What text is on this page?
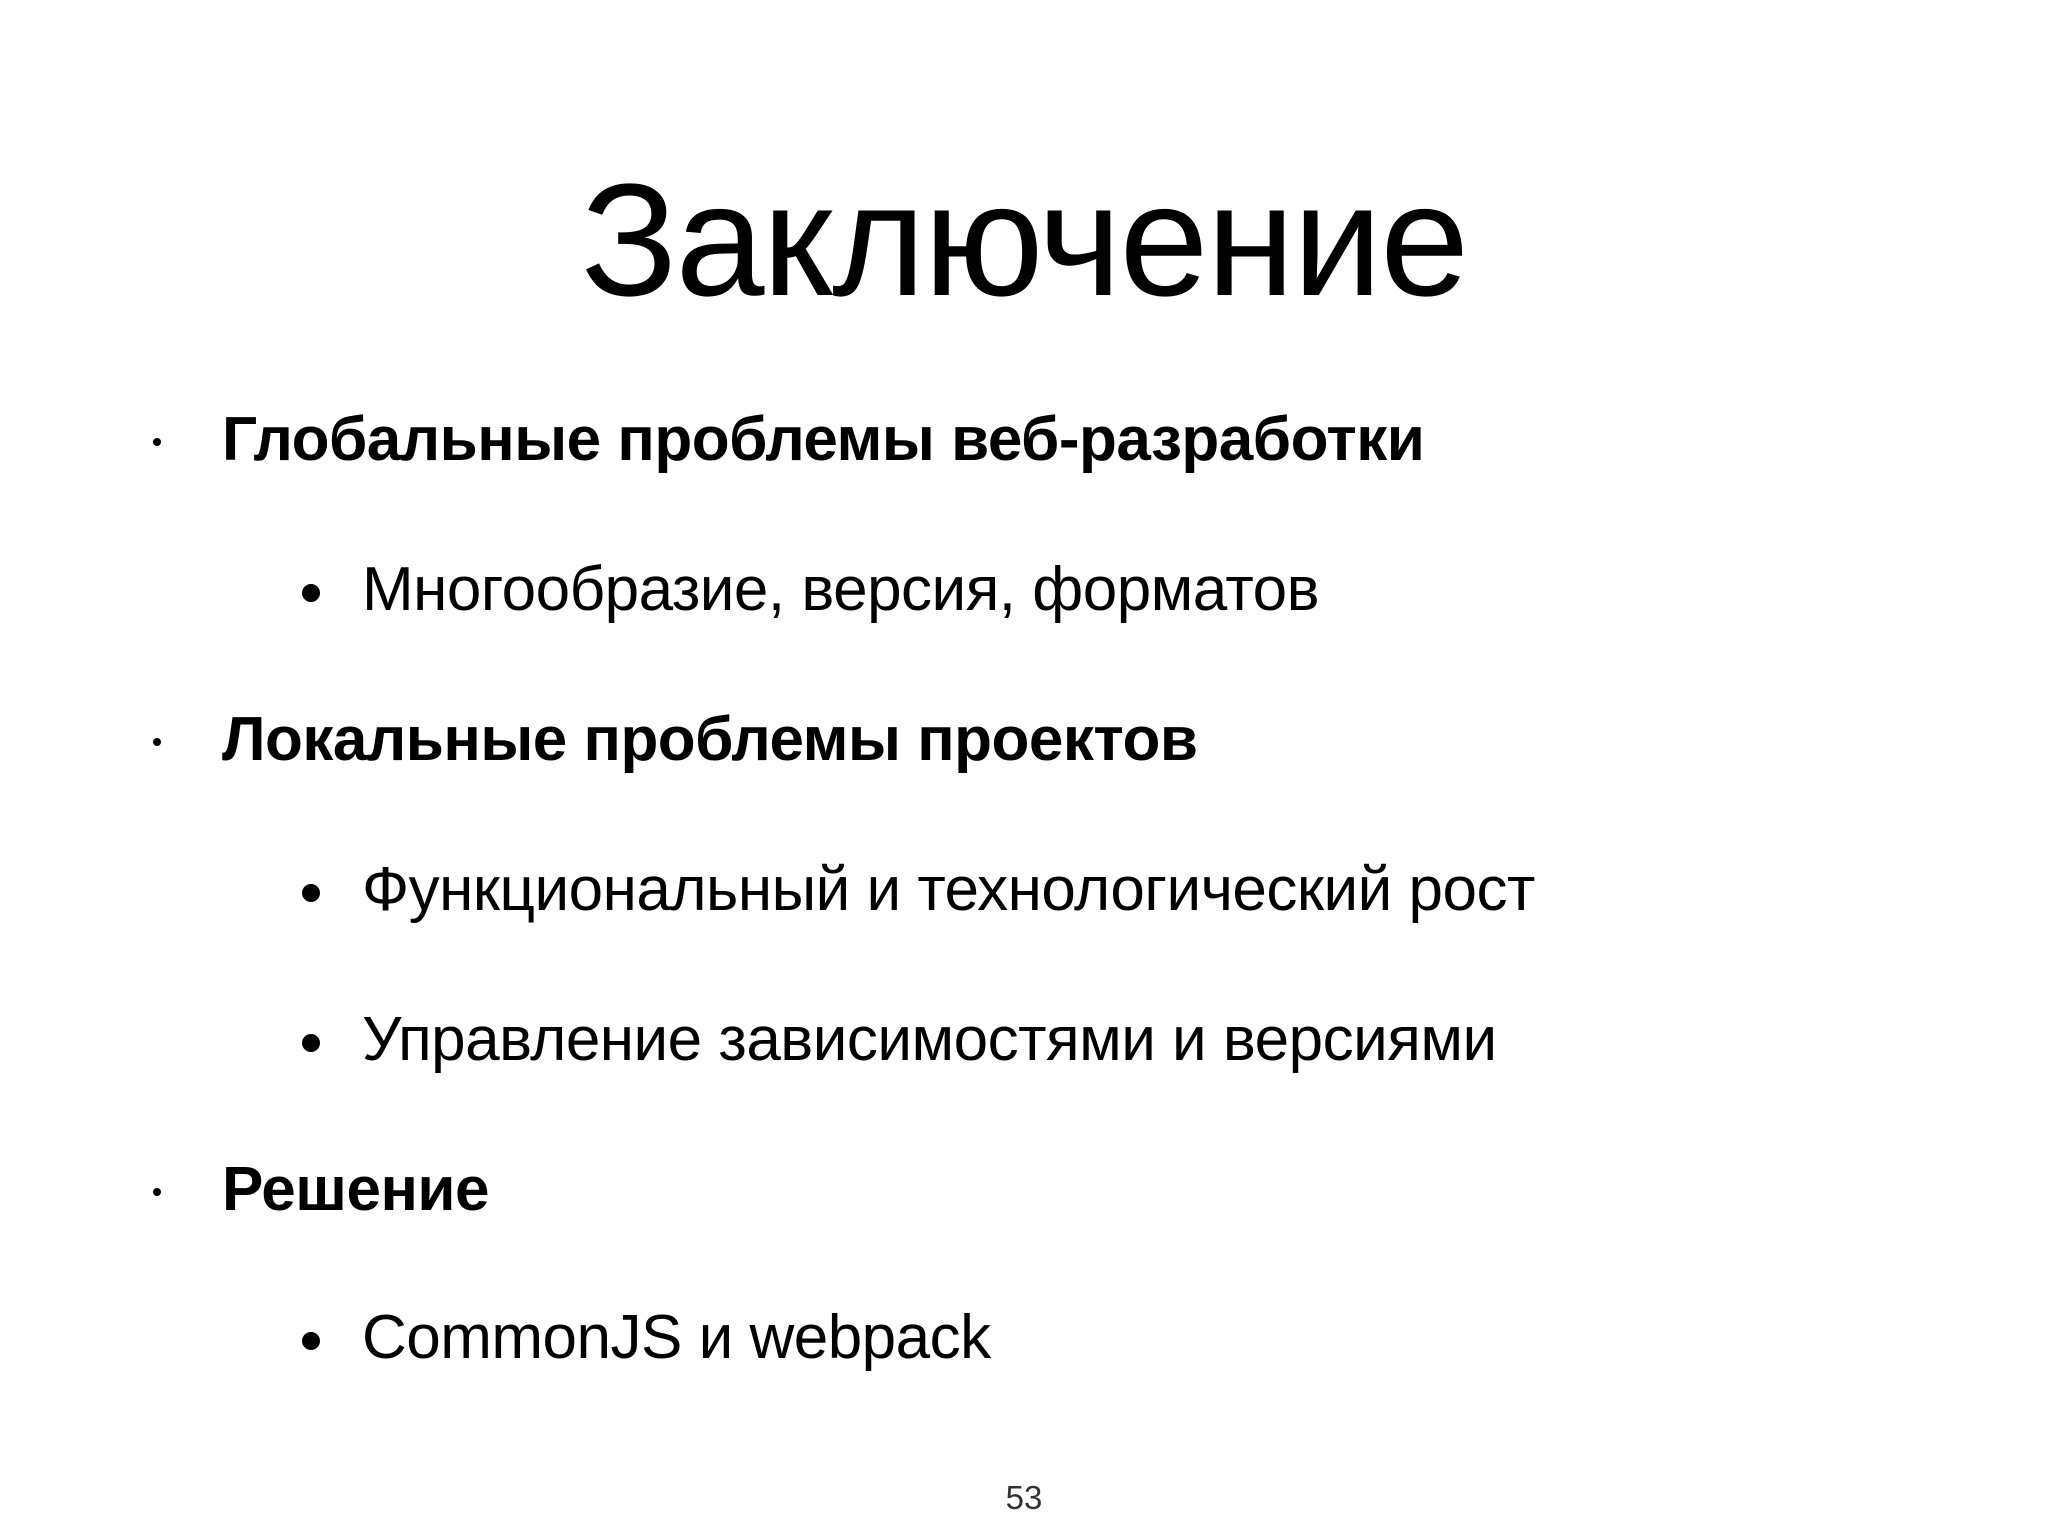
Заключение
Глобальные проблемы веб-разработки
Многообразие, версия, форматов
Локальные проблемы проектов
Функциональный и технологический рост
Управление зависимостями и версиями
Решение
CommonJS и webpack
53
